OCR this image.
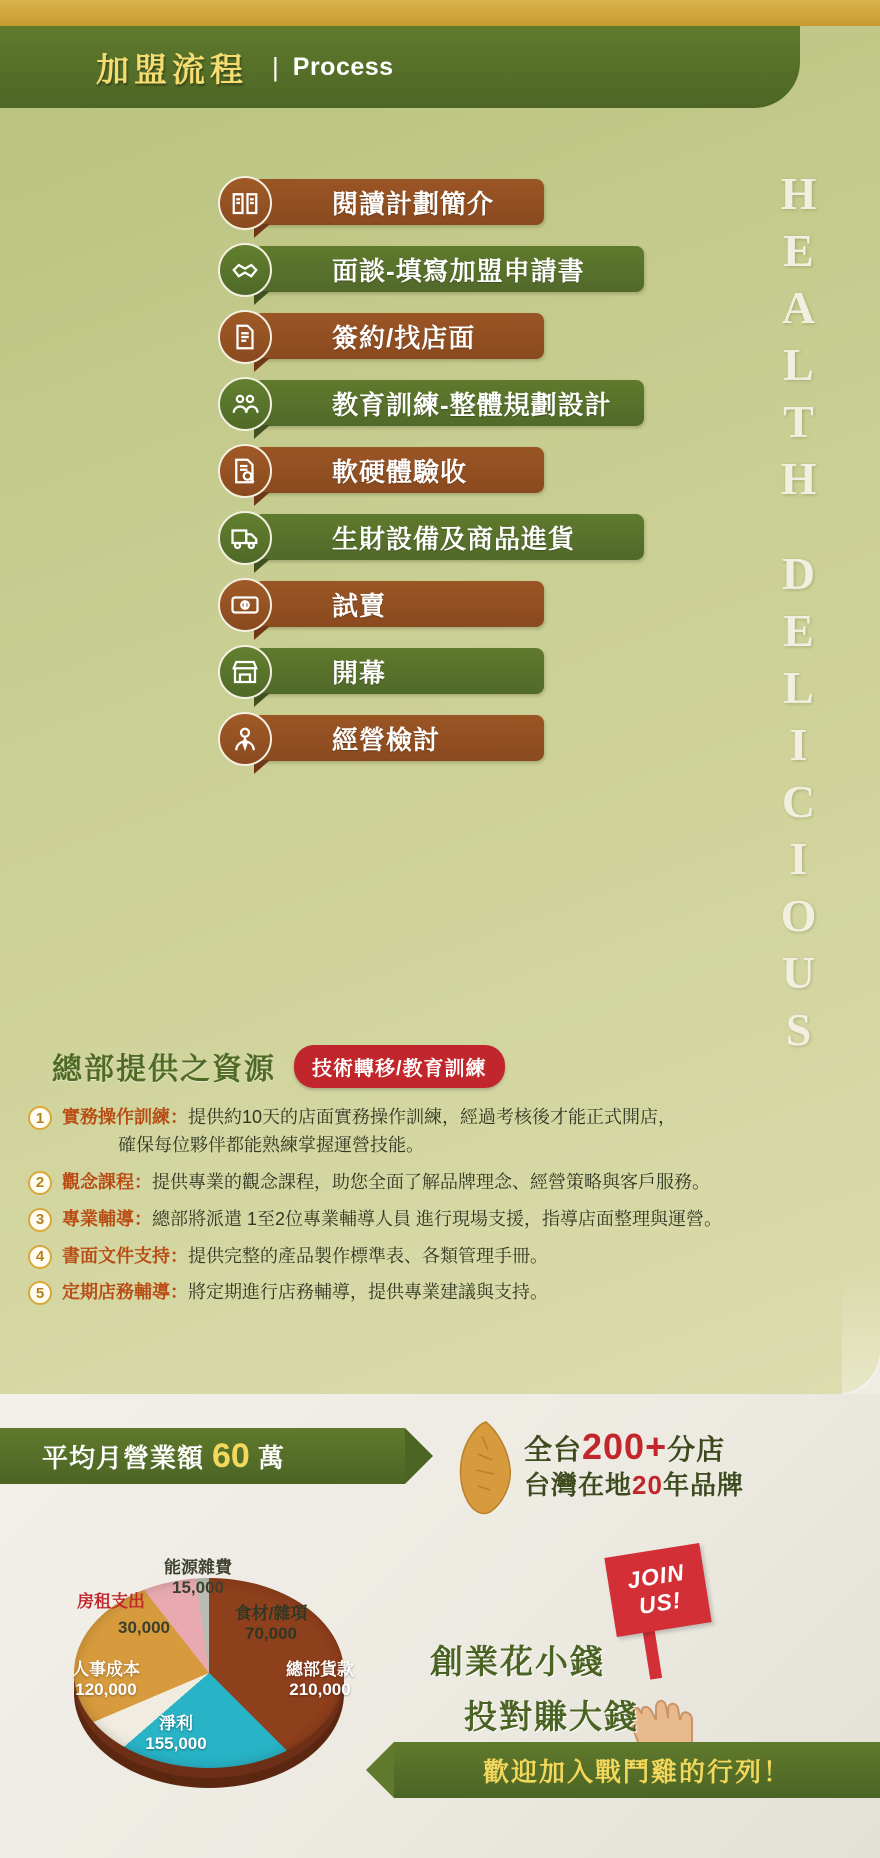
加盟流程 | Process
HEALTH
DELICIOUS
閱讀計劃簡介
面談-填寫加盟申請書
簽約/找店面
教育訓練-整體規劃設計
軟硬體驗收
生財設備及商品進貨
試賣
開幕
經營檢討
總部提供之資源	技術轉移/教育訓練
1 實務操作訓練：提供約10天的店面實務操作訓練，經過考核後才能正式開店，
確保每位夥伴都能熟練掌握運營技能。
2 觀念課程：提供專業的觀念課程，助您全面了解品牌理念、經營策略與客戶服務。
3 專業輔導：總部將派遣 1至2位專業輔導人員 進行現場支援，指導店面整理與運營。
4 書面文件支持：提供完整的產品製作標準表、各類管理手冊。
5 定期店務輔導：將定期進行店務輔導，提供專業建議與支持。
平均月營業額 60 萬	全台200+分店
台灣在地20年品牌
能源雜費
15,000
房租支出
30,000
食材/雜項
70,000
總部貨款
210,000
人事成本
120,000
淨利
155,000
JOIN
US!
創業花小錢
投對賺大錢
歡迎加入戰鬥雞的行列！
